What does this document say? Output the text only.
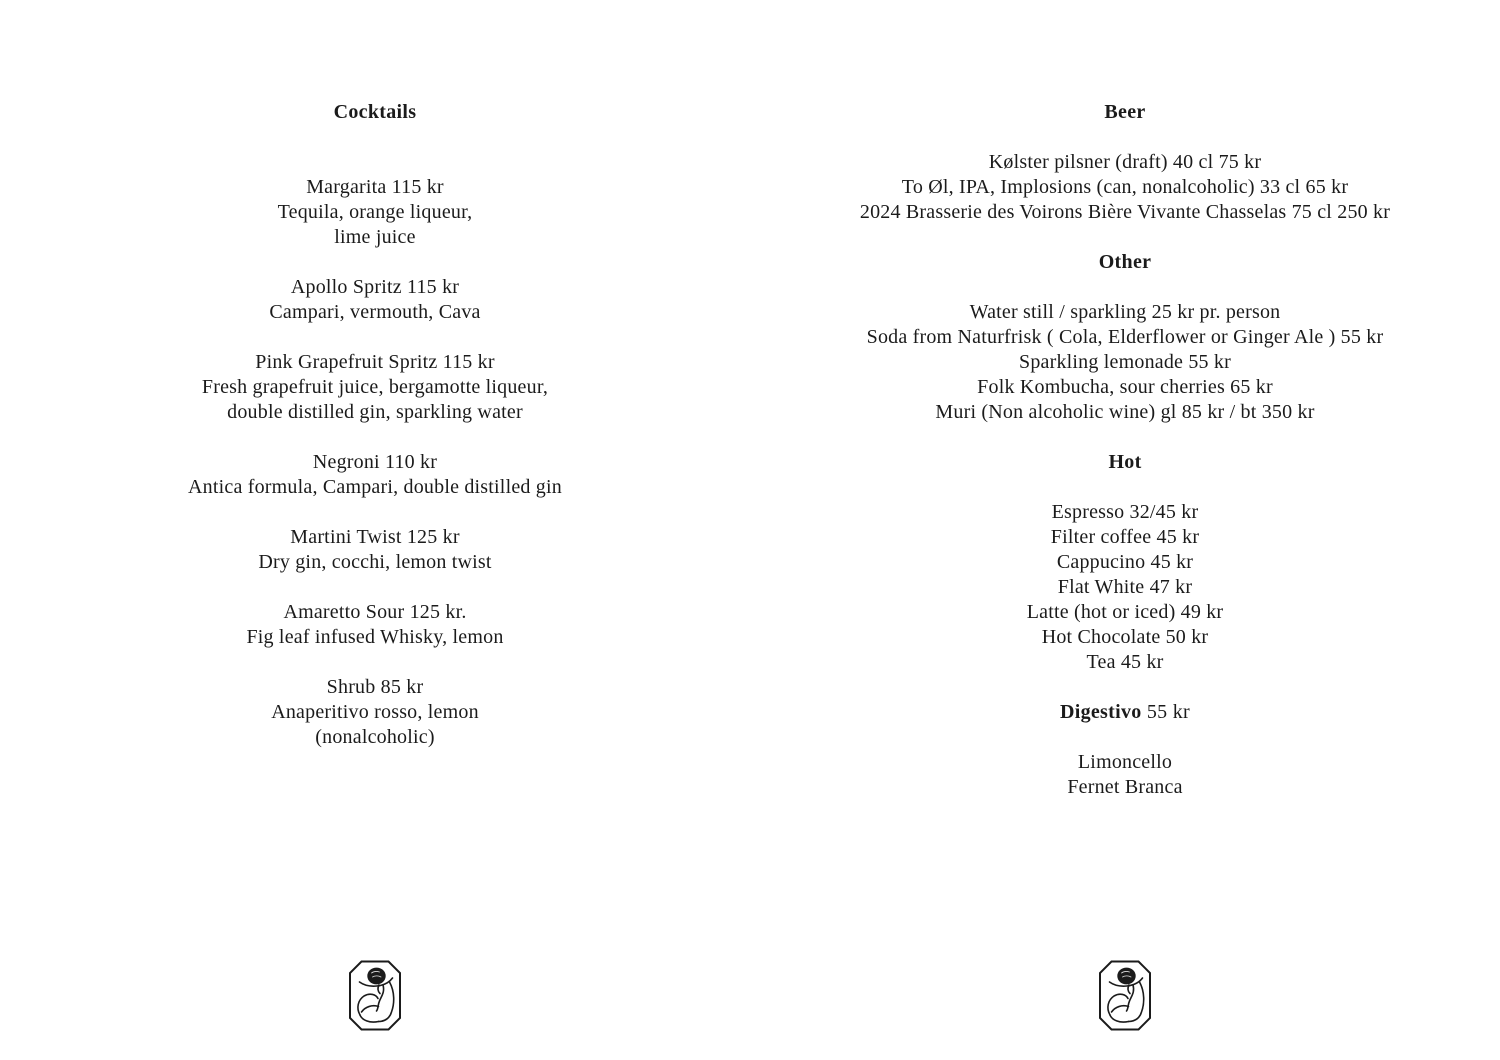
Cocktails
Margarita 115 kr
Tequila, orange liqueur,
lime juice
Apollo Spritz 115 kr
Campari, vermouth, Cava
Pink Grapefruit Spritz 115 kr
Fresh grapefruit juice, bergamotte liqueur,
double distilled gin, sparkling water
Negroni 110 kr
Antica formula, Campari, double distilled gin
Martini Twist 125 kr
Dry gin, cocchi, lemon twist
Amaretto Sour 125 kr.
Fig leaf infused Whisky, lemon
Shrub 85 kr
Anaperitivo rosso, lemon
(nonalcoholic)
Beer
Kølster pilsner (draft) 40 cl 75 kr
To Øl, IPA, Implosions (can, nonalcoholic) 33 cl 65 kr
2024 Brasserie des Voirons Bière Vivante Chasselas 75 cl 250 kr
Other
Water still / sparkling 25 kr pr. person
Soda from Naturfrisk ( Cola, Elderflower or Ginger Ale ) 55 kr
Sparkling lemonade 55 kr
Folk Kombucha, sour cherries 65 kr
Muri (Non alcoholic wine) gl 85 kr / bt 350 kr
Hot
Espresso 32/45 kr
Filter coffee 45 kr
Cappucino 45 kr
Flat White 47 kr
Latte (hot or iced) 49 kr
Hot Chocolate 50 kr
Tea 45 kr
Digestivo 55 kr
Limoncello
Fernet Branca
